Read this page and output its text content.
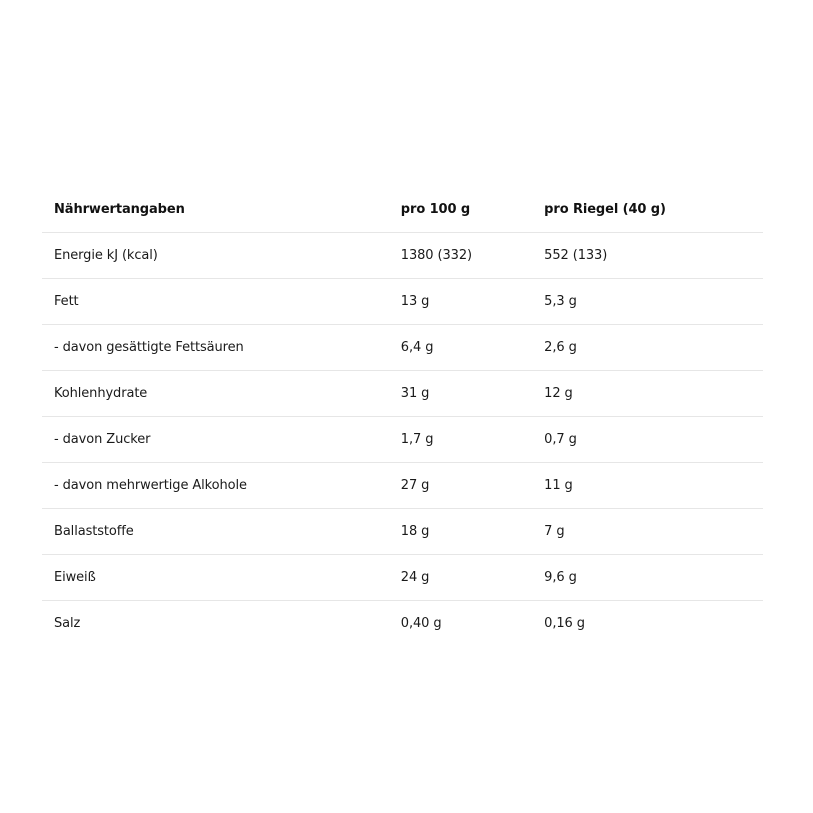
Nährwertangaben	pro 100 g	pro Riegel (40 g)
Energie kJ (kcal)	1380 (332)	552 (133)
Fett	13 g	5,3 g
- davon gesättigte Fettsäuren	6,4 g	2,6 g
Kohlenhydrate	31 g	12 g
- davon Zucker	1,7 g	0,7 g
- davon mehrwertige Alkohole	27 g	11 g
Ballaststoffe	18 g	7 g
Eiweiß	24 g	9,6 g
Salz	0,40 g	0,16 g
